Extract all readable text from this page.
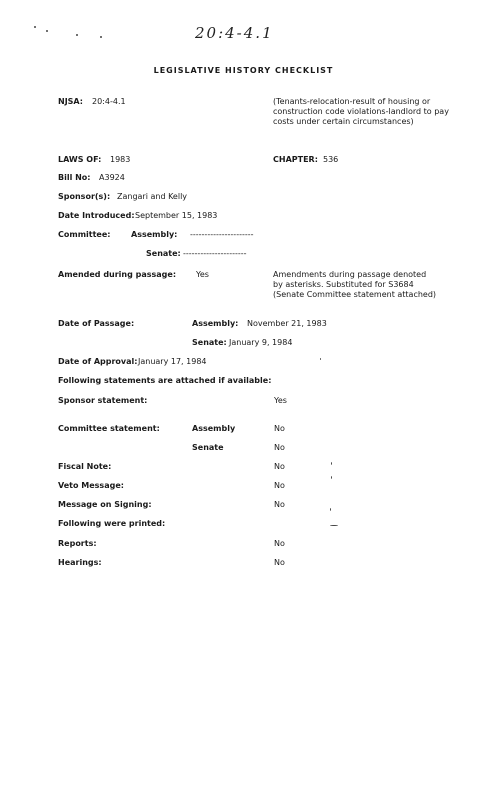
20:4-4.1
LEGISLATIVE HISTORY CHECKLIST
NJSA: 20:4-4.1	(Tenants-relocation-result of housing or construction code violations-landlord to pay costs under certain circumstances)
LAWS OF: 1983	CHAPTER: 536
Bill No: A3924
Sponsor(s): Zangari and Kelly
Date Introduced: September 15, 1983
Committee:	Assembly: ----------------------
Senate: ----------------------
Amended during passage: Yes	Amendments during passage denoted by asterisks. Substituted for S3684 (Senate Committee statement attached)
Date of Passage:	Assembly: November 21, 1983
Senate: January 9, 1984
Date of Approval: January 17, 1984
Following statements are attached if available:
Sponsor statement:	Yes
Committee statement:	Assembly	No
Senate	No
Fiscal Note:	No
Veto Message:	No
Message on Signing:	No
Following were printed:
Reports:	No
Hearings:	No
